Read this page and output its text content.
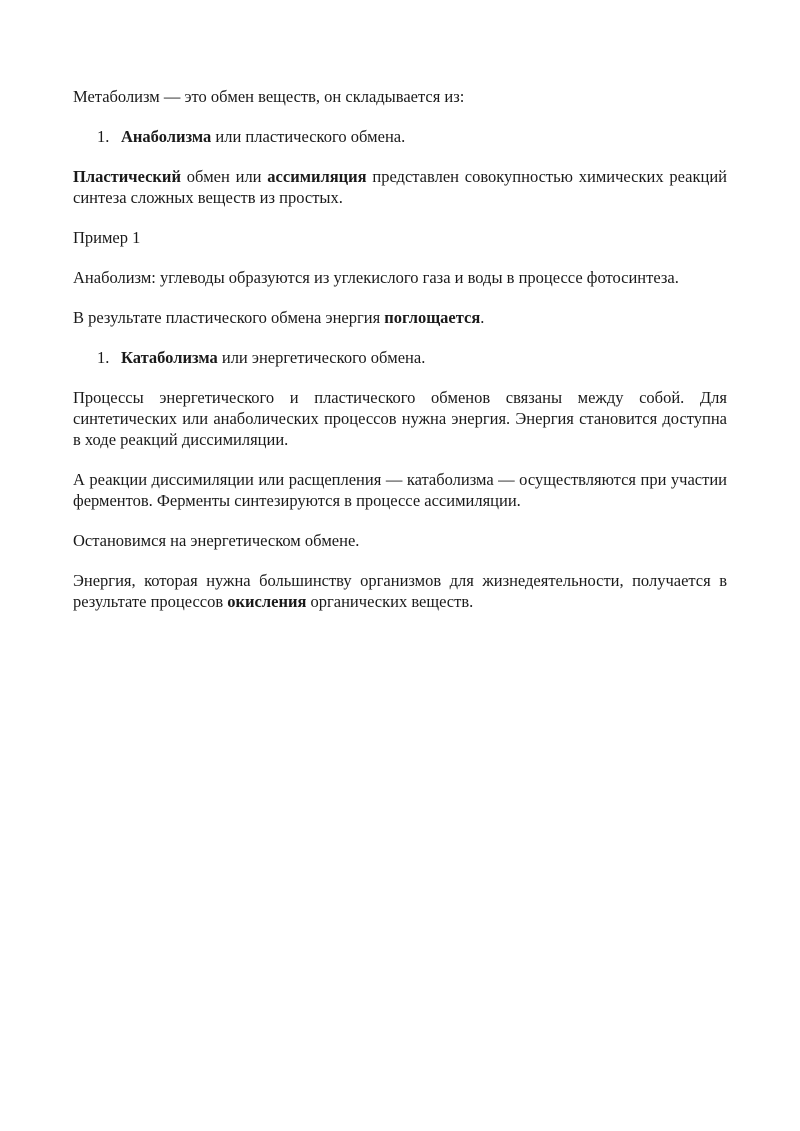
Метаболизм — это обмен веществ, он складывается из:

1. Анаболизма или пластического обмена.

Пластический обмен или ассимиляция представлен совокупностью химических реакций синтеза сложных веществ из простых.

Пример 1

Анаболизм: углеводы образуются из углекислого газа и воды в процессе фотосинтеза.

В результате пластического обмена энергия поглощается.

1. Катаболизма или энергетического обмена.

Процессы энергетического и пластического обменов связаны между собой. Для синтетических или анаболических процессов нужна энергия. Энергия становится доступна в ходе реакций диссимиляции.

А реакции диссимиляции или расщепления — катаболизма — осуществляются при участии ферментов. Ферменты синтезируются в процессе ассимиляции.

Остановимся на энергетическом обмене.

Энергия, которая нужна большинству организмов для жизнедеятельности, получается в результате процессов окисления органических веществ.
